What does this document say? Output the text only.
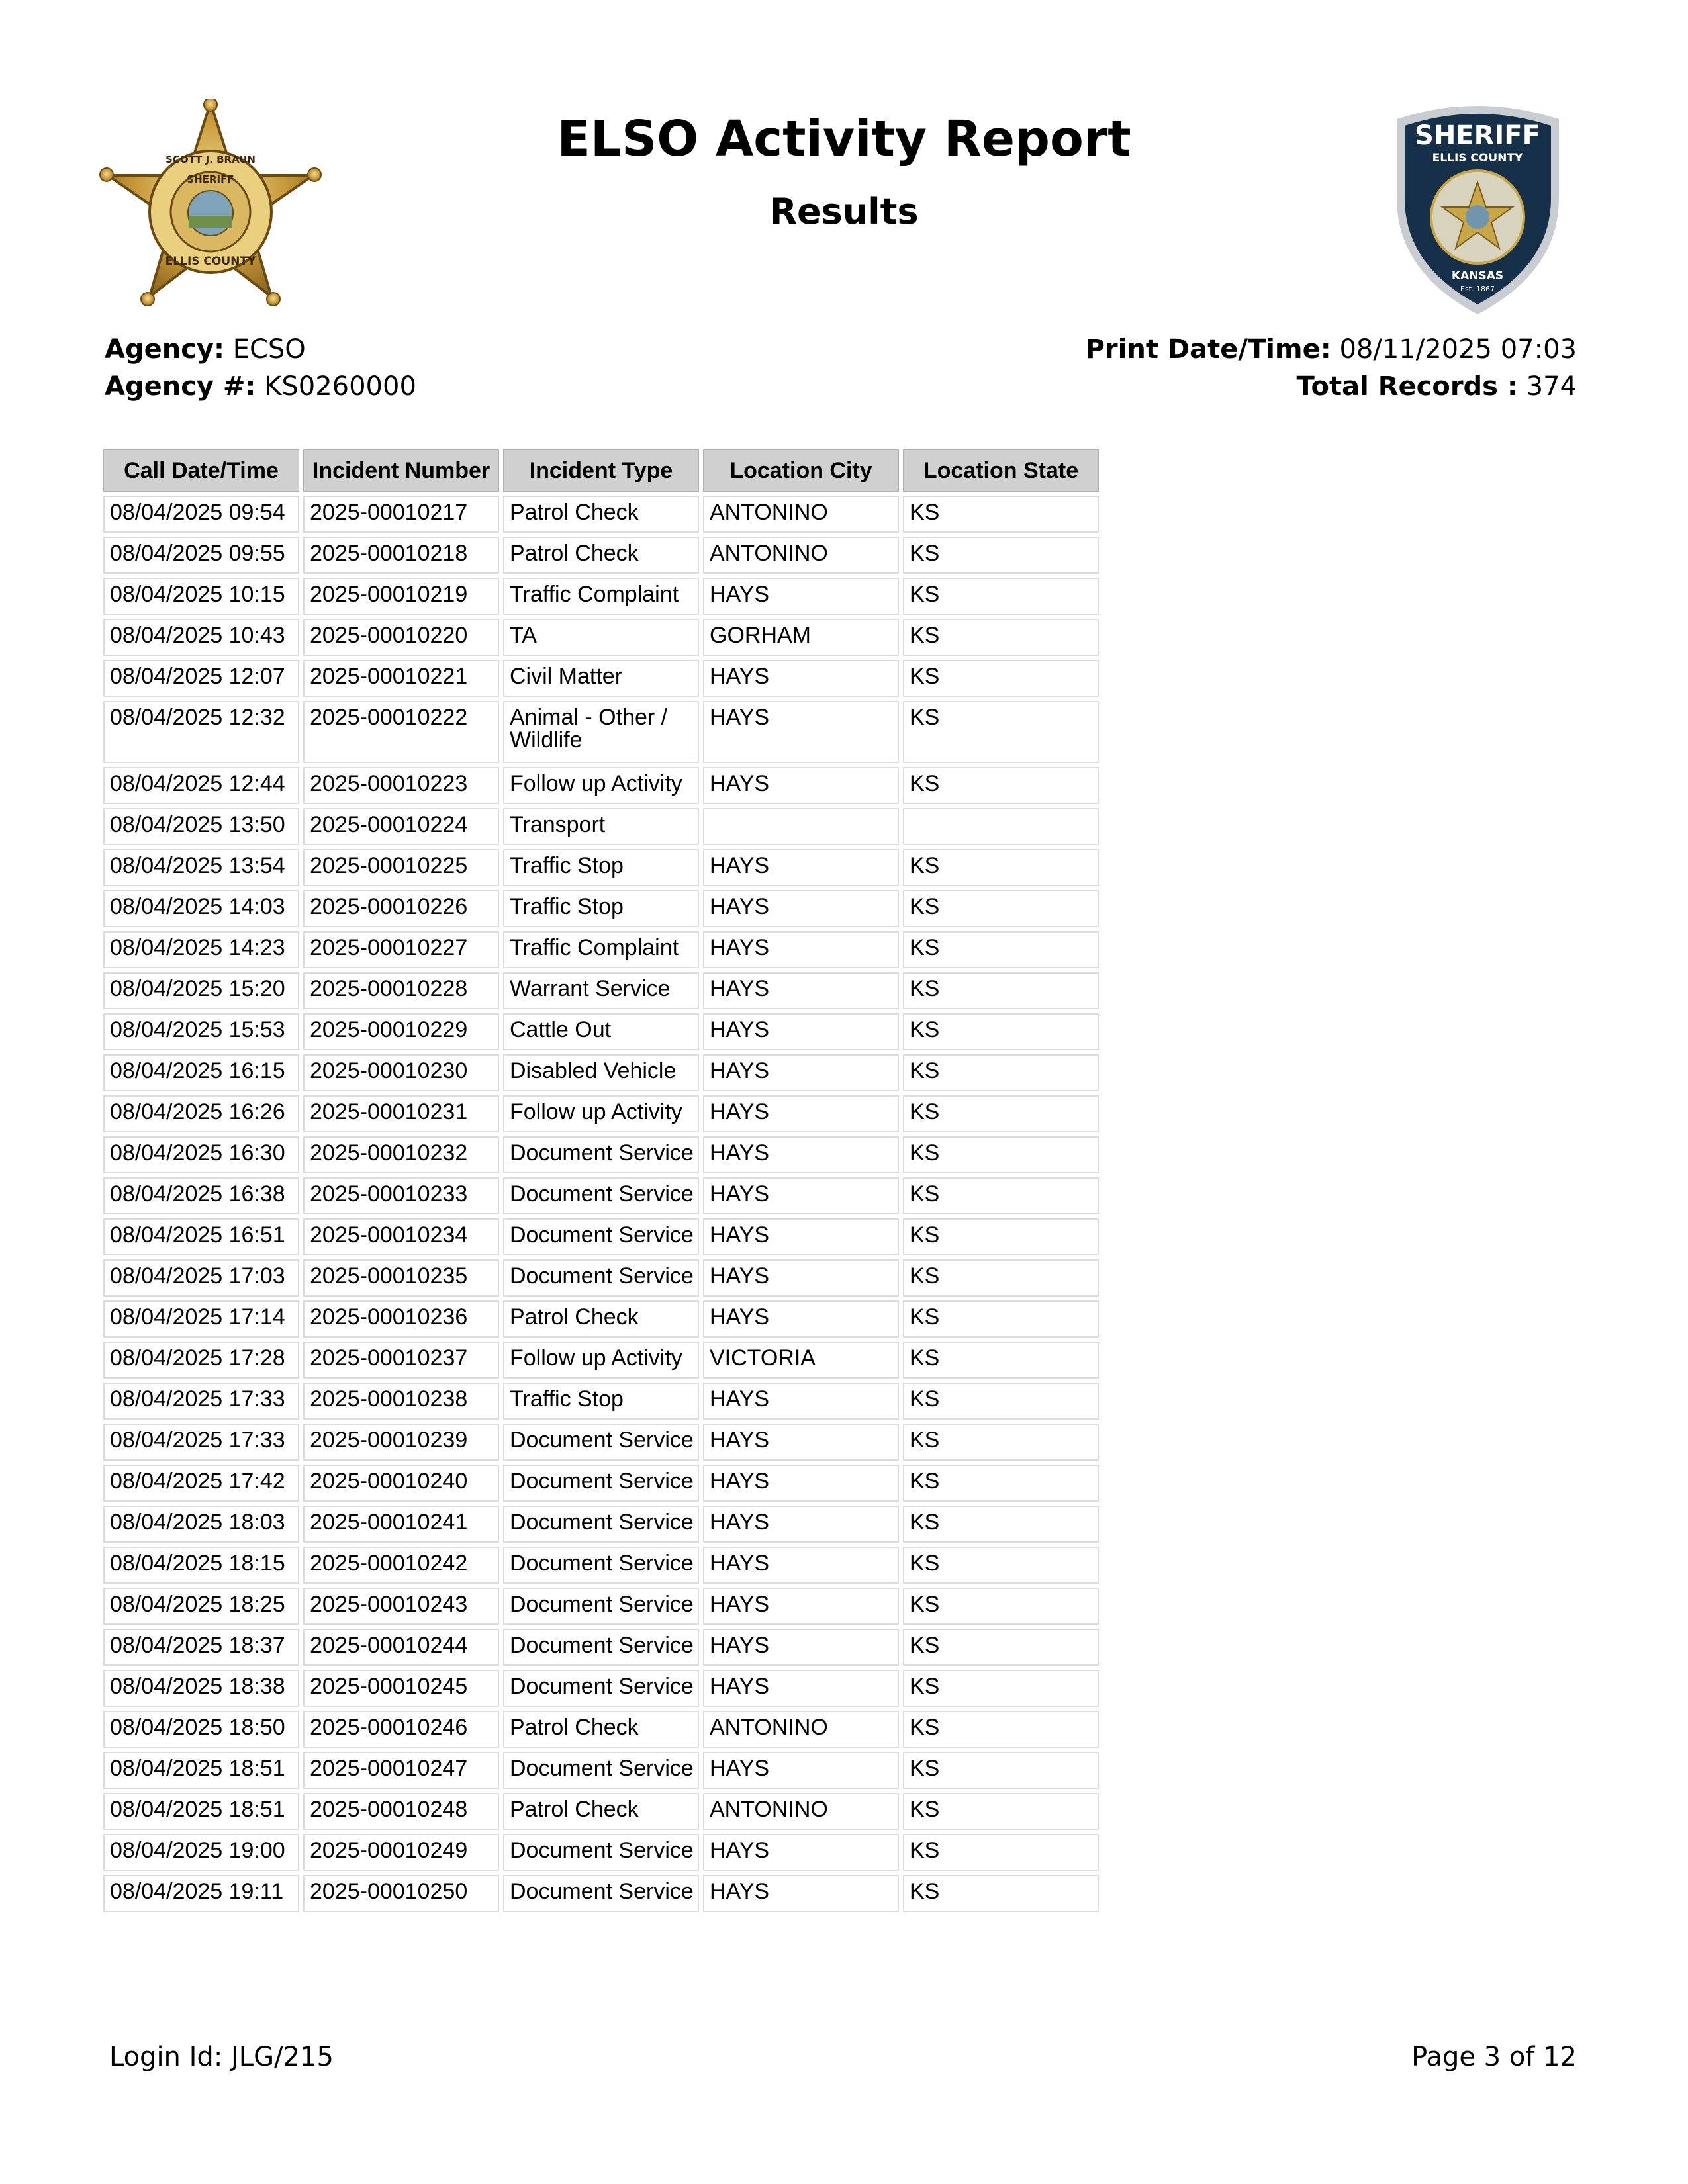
SCOTT J. BRAUN
SHERIFF
ELLIS COUNTY
ELSO Activity Report
Results
SHERIFF
ELLIS COUNTY
KANSAS
Est. 1867
Agency: ECSO
Agency #: KS0260000
Print Date/Time: 08/11/2025 07:03
Total Records : 374
Call Date/Time	Incident Number	Incident Type	Location City	Location State
08/04/2025 09:54	2025-00010217	Patrol Check	ANTONINO	KS
08/04/2025 09:55	2025-00010218	Patrol Check	ANTONINO	KS
08/04/2025 10:15	2025-00010219	Traffic Complaint	HAYS	KS
08/04/2025 10:43	2025-00010220	TA	GORHAM	KS
08/04/2025 12:07	2025-00010221	Civil Matter	HAYS	KS
08/04/2025 12:32	2025-00010222	Animal - Other / Wildlife	HAYS	KS
08/04/2025 12:44	2025-00010223	Follow up Activity	HAYS	KS
08/04/2025 13:50	2025-00010224	Transport		
08/04/2025 13:54	2025-00010225	Traffic Stop	HAYS	KS
08/04/2025 14:03	2025-00010226	Traffic Stop	HAYS	KS
08/04/2025 14:23	2025-00010227	Traffic Complaint	HAYS	KS
08/04/2025 15:20	2025-00010228	Warrant Service	HAYS	KS
08/04/2025 15:53	2025-00010229	Cattle Out	HAYS	KS
08/04/2025 16:15	2025-00010230	Disabled Vehicle	HAYS	KS
08/04/2025 16:26	2025-00010231	Follow up Activity	HAYS	KS
08/04/2025 16:30	2025-00010232	Document Service	HAYS	KS
08/04/2025 16:38	2025-00010233	Document Service	HAYS	KS
08/04/2025 16:51	2025-00010234	Document Service	HAYS	KS
08/04/2025 17:03	2025-00010235	Document Service	HAYS	KS
08/04/2025 17:14	2025-00010236	Patrol Check	HAYS	KS
08/04/2025 17:28	2025-00010237	Follow up Activity	VICTORIA	KS
08/04/2025 17:33	2025-00010238	Traffic Stop	HAYS	KS
08/04/2025 17:33	2025-00010239	Document Service	HAYS	KS
08/04/2025 17:42	2025-00010240	Document Service	HAYS	KS
08/04/2025 18:03	2025-00010241	Document Service	HAYS	KS
08/04/2025 18:15	2025-00010242	Document Service	HAYS	KS
08/04/2025 18:25	2025-00010243	Document Service	HAYS	KS
08/04/2025 18:37	2025-00010244	Document Service	HAYS	KS
08/04/2025 18:38	2025-00010245	Document Service	HAYS	KS
08/04/2025 18:50	2025-00010246	Patrol Check	ANTONINO	KS
08/04/2025 18:51	2025-00010247	Document Service	HAYS	KS
08/04/2025 18:51	2025-00010248	Patrol Check	ANTONINO	KS
08/04/2025 19:00	2025-00010249	Document Service	HAYS	KS
08/04/2025 19:11	2025-00010250	Document Service	HAYS	KS
Login Id: JLG/215	Page 3 of 12
